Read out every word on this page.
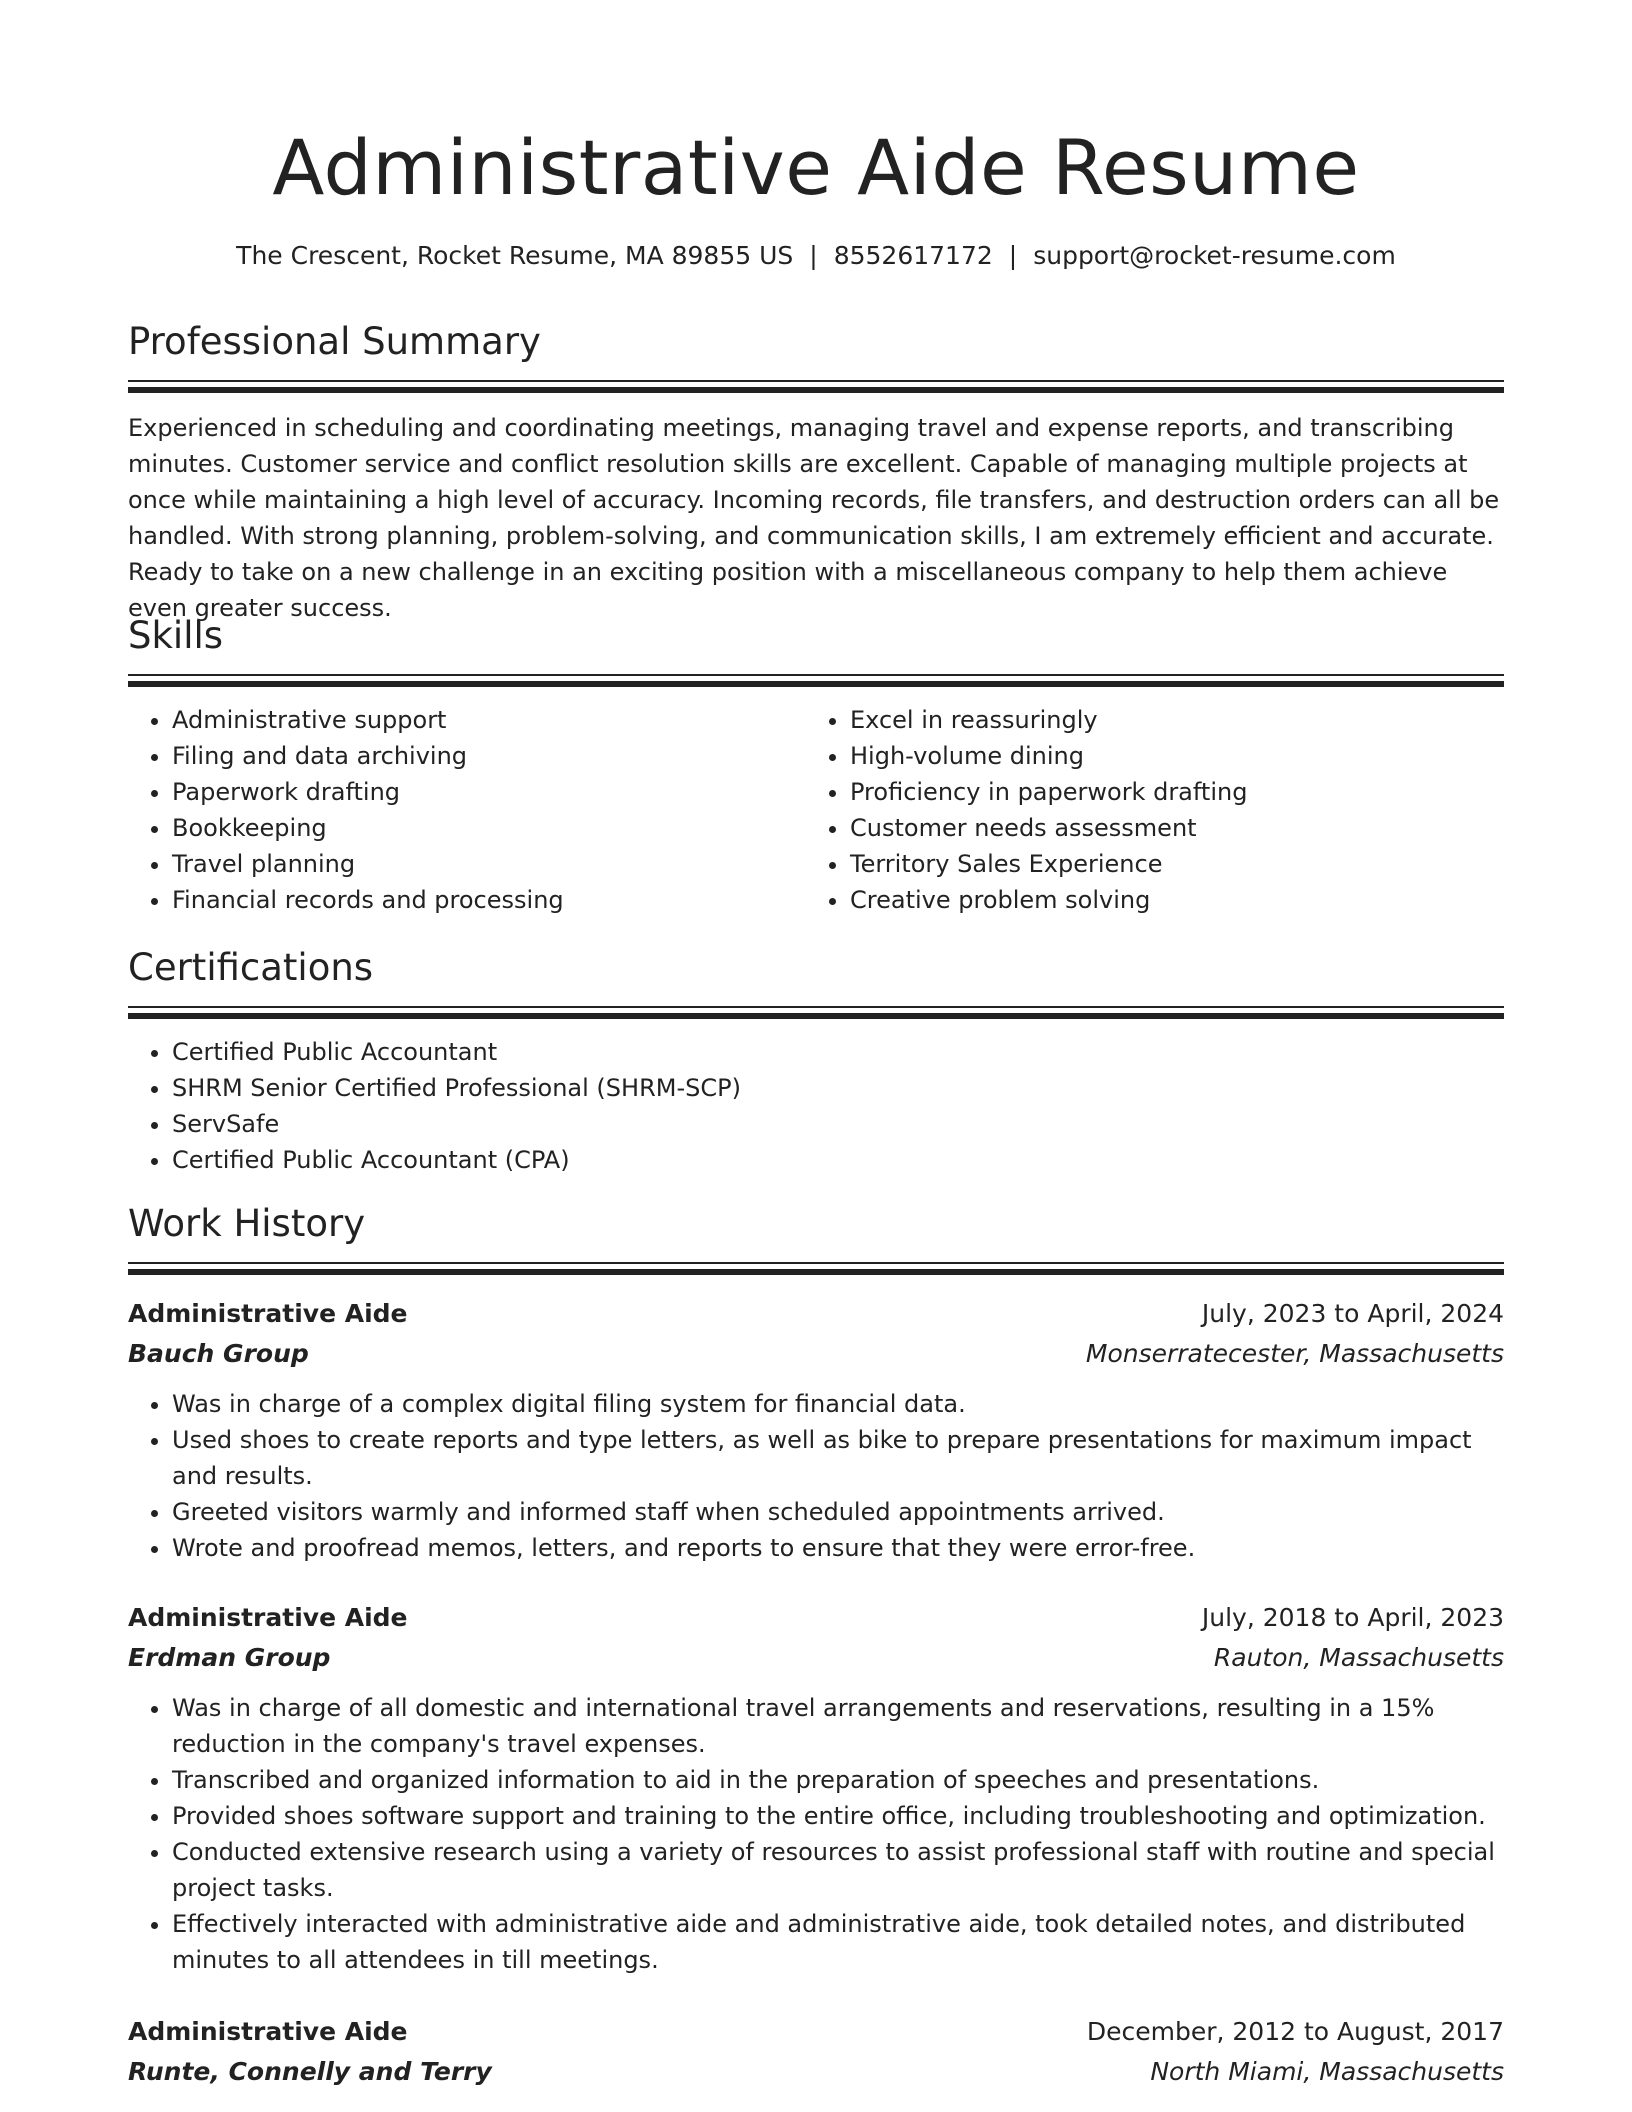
Administrative Aide Resume
The Crescent, Rocket Resume, MA 89855 US | 8552617172 | support@rocket-resume.com
Professional Summary

Experienced in scheduling and coordinating meetings, managing travel and expense reports, and transcribing minutes. Customer service and conflict resolution skills are excellent. Capable of managing multiple projects at once while maintaining a high level of accuracy. Incoming records, file transfers, and destruction orders can all be handled. With strong planning, problem-solving, and communication skills, I am extremely efficient and accurate. Ready to take on a new challenge in an exciting position with a miscellaneous company to help them achieve even greater success.

Skills
• Administrative support
• Filing and data archiving
• Paperwork drafting
• Bookkeeping
• Travel planning
• Financial records and processing
• Excel in reassuringly
• High-volume dining
• Proficiency in paperwork drafting
• Customer needs assessment
• Territory Sales Experience
• Creative problem solving
Certifications
• Certified Public Accountant
• SHRM Senior Certified Professional (SHRM-SCP)
• ServSafe
• Certified Public Accountant (CPA)
Work History
Administrative Aide	July, 2023 to April, 2024
Bauch Group	Monserratecester, Massachusetts
• Was in charge of a complex digital filing system for financial data.
• Used shoes to create reports and type letters, as well as bike to prepare presentations for maximum impact and results.
• Greeted visitors warmly and informed staff when scheduled appointments arrived.
• Wrote and proofread memos, letters, and reports to ensure that they were error-free.
Administrative Aide	July, 2018 to April, 2023
Erdman Group	Rauton, Massachusetts
• Was in charge of all domestic and international travel arrangements and reservations, resulting in a 15% reduction in the company's travel expenses.
• Transcribed and organized information to aid in the preparation of speeches and presentations.
• Provided shoes software support and training to the entire office, including troubleshooting and optimization.
• Conducted extensive research using a variety of resources to assist professional staff with routine and special project tasks.
• Effectively interacted with administrative aide and administrative aide, took detailed notes, and distributed minutes to all attendees in till meetings.
Administrative Aide	December, 2012 to August, 2017
Runte, Connelly and Terry	North Miami, Massachusetts
